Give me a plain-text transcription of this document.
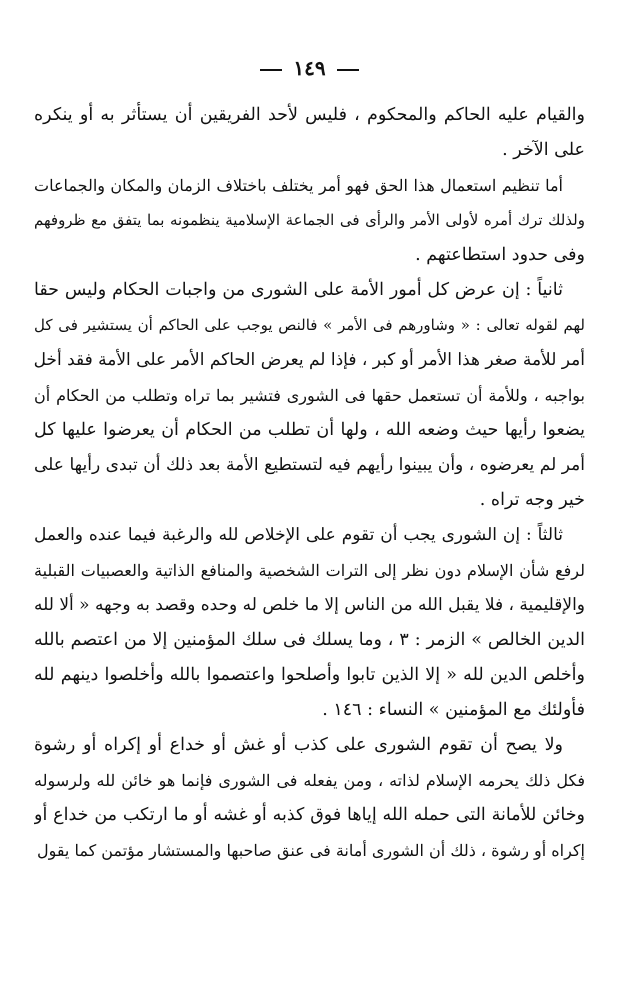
١٤٩
والقيام عليه الحاكم والمحكوم ، فليس لأحد الفريقين أن يستأثر به أو ينكره
على الآخر .
أما تنظيم استعمال هذا الحق فهو أمر يختلف باختلاف الزمان والمكان والجماعات
ولذلك ترك أمره لأولى الأمر والرأى فى الجماعة الإسلامية ينظمونه بما يتفق مع ظروفهم
وفى حدود استطاعتهم .
ثانياً : إن عرض كل أمور الأمة على الشورى من واجبات الحكام وليس حقا
لهم لقوله تعالى : « وشاورهم فى الأمر » فالنص يوجب على الحاكم أن يستشير فى كل
أمر للأمة صغر هذا الأمر أو كبر ، فإذا لم يعرض الحاكم الأمر على الأمة فقد أخل
بواجبه ، وللأمة أن تستعمل حقها فى الشورى فتشير بما تراه وتطلب من الحكام أن
يضعوا رأيها حيث وضعه الله ، ولها أن تطلب من الحكام أن يعرضوا عليها كل
أمر لم يعرضوه ، وأن يبينوا رأيهم فيه لتستطيع الأمة بعد ذلك أن تبدى رأيها على
خير وجه تراه .
ثالثاً : إن الشورى يجب أن تقوم على الإخلاص لله والرغبة فيما عنده والعمل
لرفع شأن الإسلام دون نظر إلى الترات الشخصية والمنافع الذاتية والعصبيات القبلية
والإقليمية ، فلا يقبل الله من الناس إلا ما خلص له وحده وقصد به وجهه « ألا لله
الدين الخالص » الزمر : ٣ ، وما يسلك فى سلك المؤمنين إلا من اعتصم بالله
وأخلص الدين لله « إلا الذين تابوا وأصلحوا واعتصموا بالله وأخلصوا دينهم لله
فأولئك مع المؤمنين » النساء : ١٤٦ .
ولا يصح أن تقوم الشورى على كذب أو غش أو خداع أو إكراه أو رشوة
فكل ذلك يحرمه الإسلام لذاته ، ومن يفعله فى الشورى فإنما هو خائن لله ولرسوله
وخائن للأمانة التى حمله الله إياها فوق كذبه أو غشه أو ما ارتكب من خداع أو
إكراه أو رشوة ، ذلك أن الشورى أمانة فى عنق صاحبها والمستشار مؤتمن كما يقول
